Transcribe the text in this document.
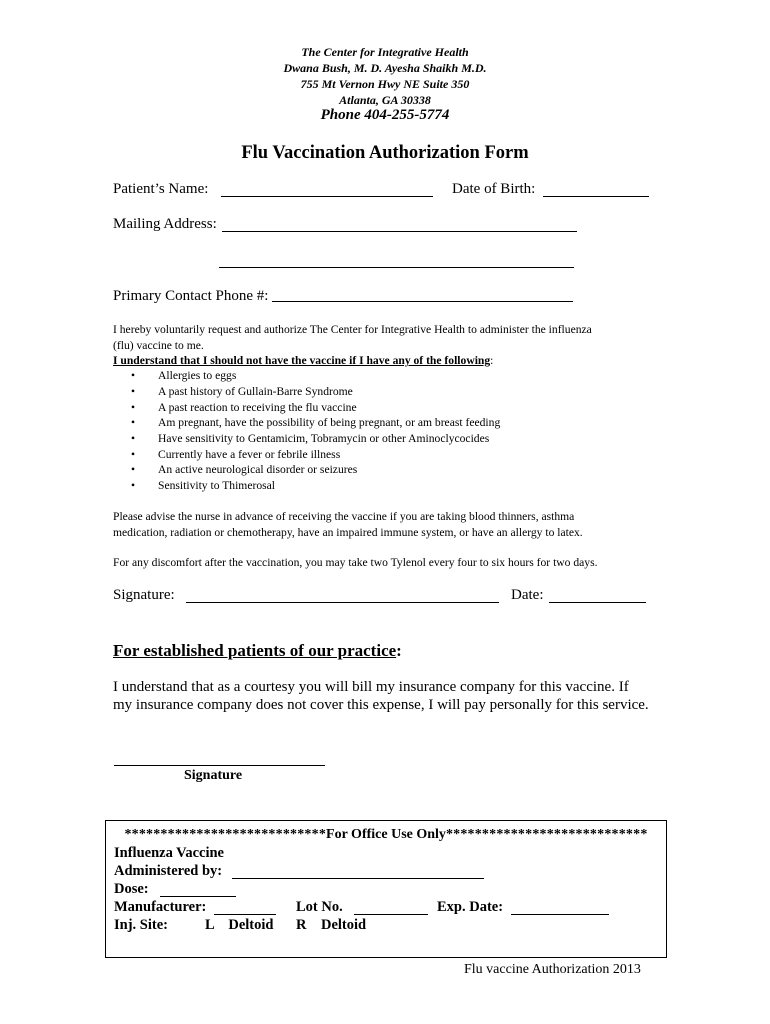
The Center for Integrative Health
Dwana Bush, M. D. Ayesha Shaikh M.D.
755 Mt Vernon Hwy NE Suite 350
Atlanta, GA 30338
Phone 404-255-5774
Flu Vaccination Authorization Form
Patient’s Name:	Date of Birth:
Mailing Address:
Primary Contact Phone #:
I hereby voluntarily request and authorize The Center for Integrative Health to administer the influenza
(flu) vaccine to me.
I understand that I should not have the vaccine if I have any of the following:
• Allergies to eggs
• A past history of Gullain-Barre Syndrome
• A past reaction to receiving the flu vaccine
• Am pregnant, have the possibility of being pregnant, or am breast feeding
• Have sensitivity to Gentamicim, Tobramycin or other Aminoclycocides
• Currently have a fever or febrile illness
• An active neurological disorder or seizures
• Sensitivity to Thimerosal
Please advise the nurse in advance of receiving the vaccine if you are taking blood thinners, asthma
medication, radiation or chemotherapy, have an impaired immune system, or have an allergy to latex.
For any discomfort after the vaccination, you may take two Tylenol every four to six hours for two days.
Signature:	Date:
For established patients of our practice:
I understand that as a courtesy you will bill my insurance company for this vaccine. If
my insurance company does not cover this expense, I will pay personally for this service.
Signature
****************************For Office Use Only****************************
Influenza Vaccine
Administered by:
Dose:
Manufacturer:	Lot No.	Exp. Date:
Inj. Site:	L    Deltoid R    Deltoid
Flu vaccine Authorization 2013
